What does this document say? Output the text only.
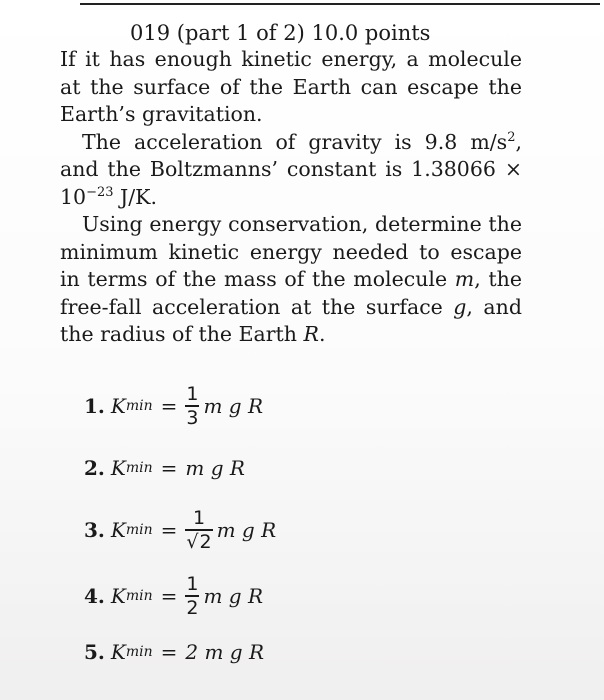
019 (part 1 of 2) 10.0 points

If it has enough kinetic energy, a molecule at the surface of the Earth can escape the Earth’s gravitation.

The acceleration of gravity is 9.8 $m/s^2$, and the Boltzmanns’ constant is $1.38066 \times 10^{-23}$ J/K.

Using energy conservation, determine the minimum kinetic energy needed to escape in terms of the mass of the molecule m, the free-fall acceleration at the surface g, and the radius of the Earth R.

1. K $\min = \frac{1}{3}$ m g R
2. K min = m g R
3. K $\min = \frac{1}{√2}$ m g R
4. K $\min = \frac{1}{2}$ m g R
5. K min = 2 m g R
